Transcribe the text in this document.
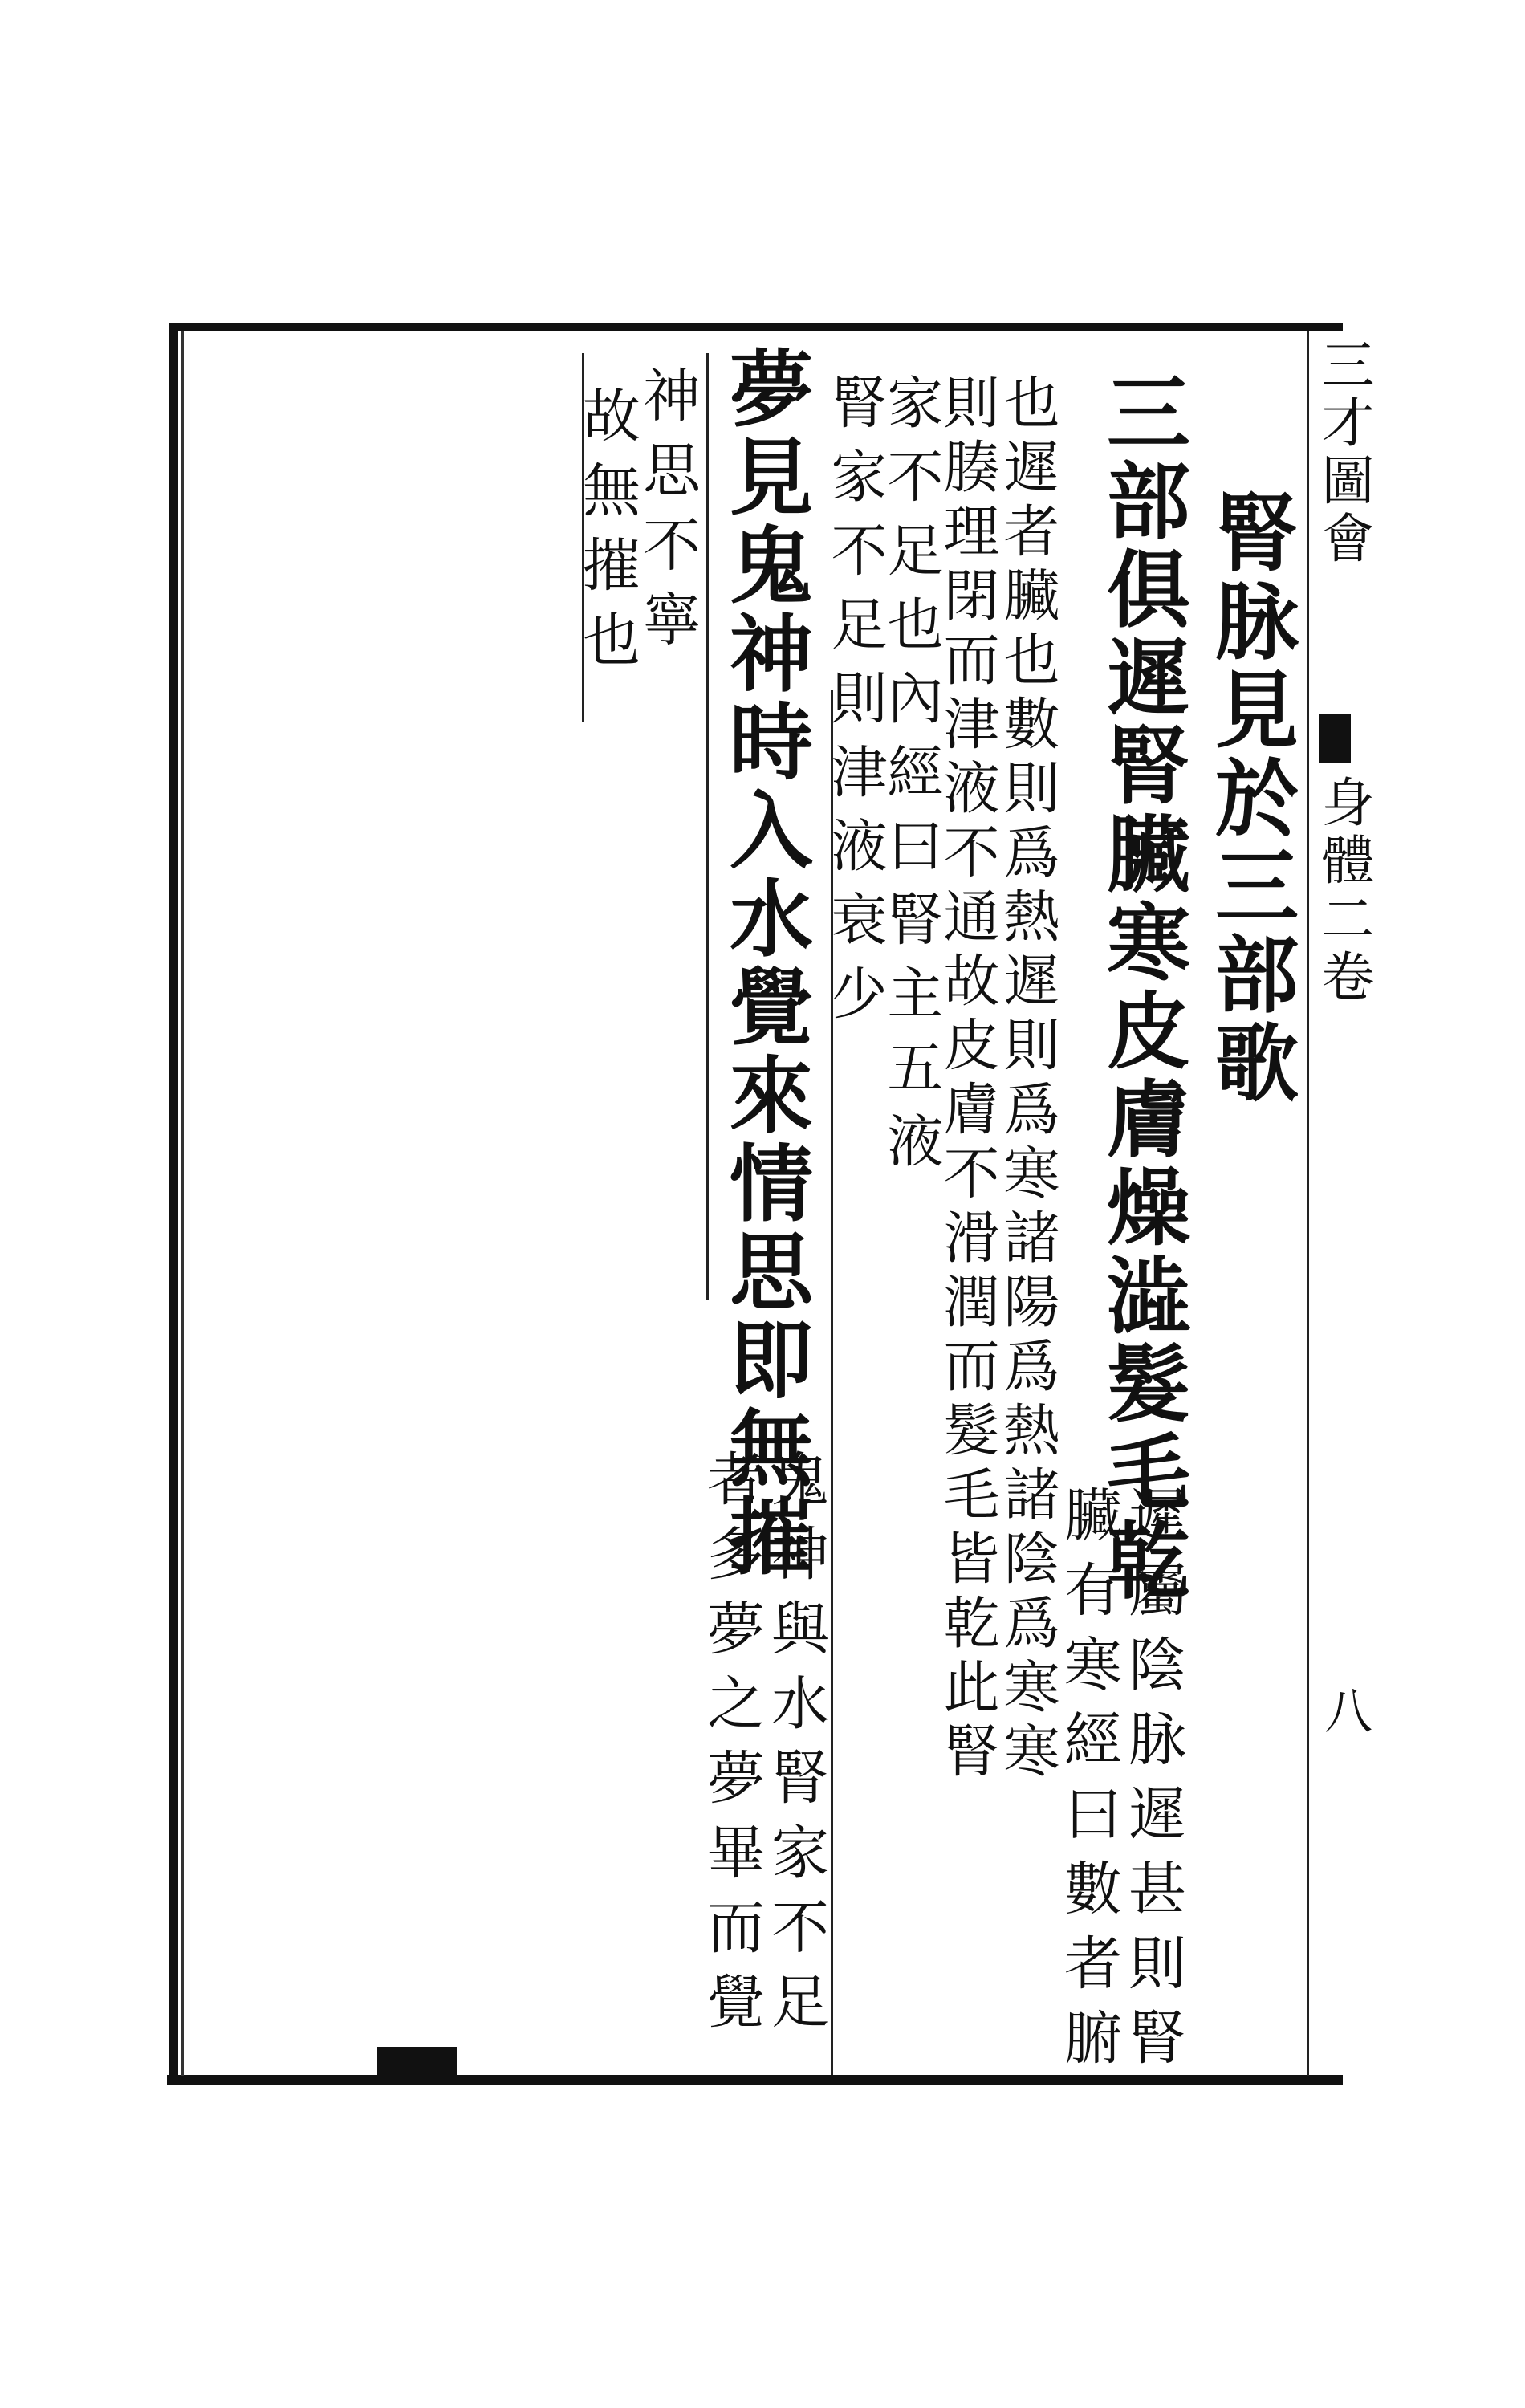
三才圖會
身體
二卷
八
腎脉見於三部歌
三部俱遲腎臟寒皮膚燥澁髮毛乾
遲屬陰脉遲甚則腎
臟有寒經曰數者腑
也遲者臟也數則爲熱遲則爲寒諸陽爲熱諸陰爲寒寒
則腠理閉而津液不通故皮膚不滑潤而髮毛皆乾此腎
家不足也內經曰腎主五液
腎家不足則津液衰少
夢見鬼神時入水覺來情思即無摧
鬼神與水腎家不足
者多夢之夢畢而覺
神思不寧
故無摧也
